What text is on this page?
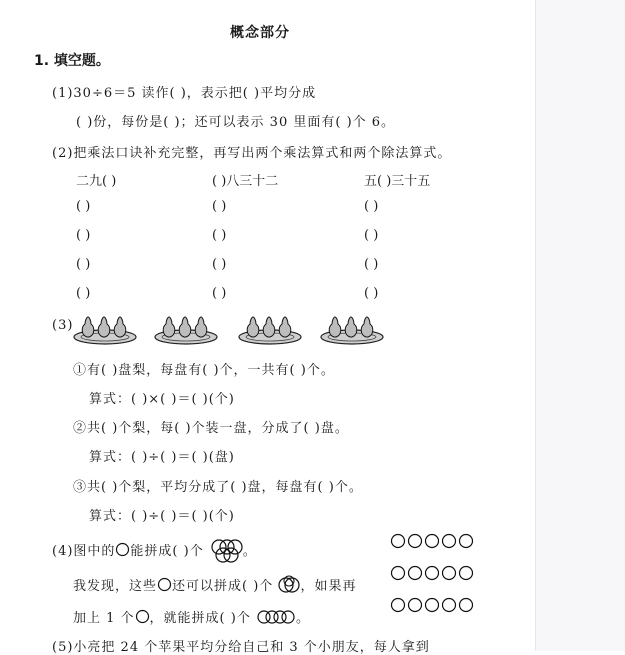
概念部分
1. 填空题。
(1)30÷6＝5 读作( )，表示把( )平均分成
( )份，每份是( )；还可以表示 30 里面有( )个 6。
(2)把乘法口诀补充完整，再写出两个乘法算式和两个除法算式。
二九( )	( )八三十二	五( )三十五
( )	( )	( )
( )	( )	( )
( )	( )	( )
( )	( )	( )
(3)
①有( )盘梨，每盘有( )个，一共有( )个。
算式：( )×( )＝( )(个)
②共( )个梨，每( )个装一盘，分成了( )盘。
算式：( )÷( )＝( )(盘)
③共( )个梨，平均分成了( )盘，每盘有( )个。
算式：( )÷( )＝( )(个)
(4)图中的 能拼成( )个	。
我发现，这些 还可以拼成( )个 ，如果再
加上 1 个 ，就能拼成( )个	。
(5)小亮把 24 个苹果平均分给自己和 3 个小朋友，每人拿到
